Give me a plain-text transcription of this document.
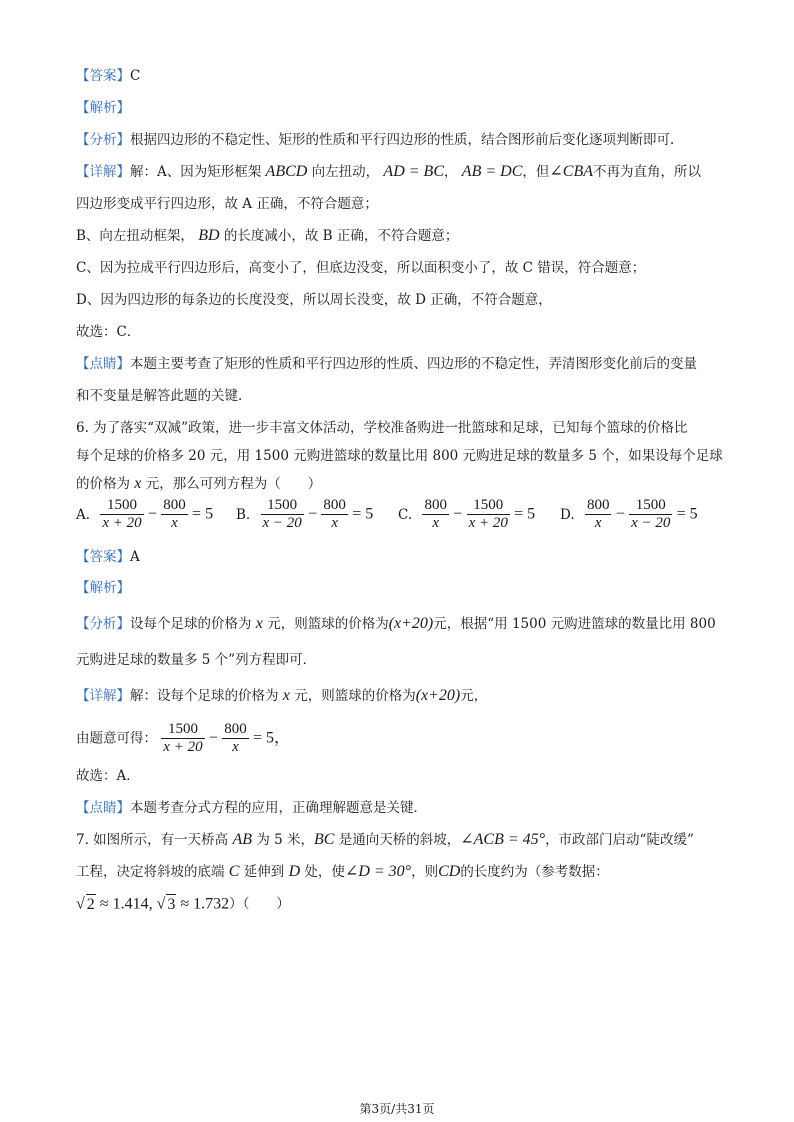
【答案】C
【解析】
【分析】根据四边形的不稳定性、矩形的性质和平行四边形的性质，结合图形前后变化逐项判断即可．
【详解】解：A、因为矩形框架 ABCD 向左扭动， AD = BC， AB = DC，但∠CBA不再为直角，所以
四边形变成平行四边形，故 A 正确，不符合题意；
B、向左扭动框架， BD 的长度减小，故 B 正确，不符合题意；
C、因为拉成平行四边形后，高变小了，但底边没变，所以面积变小了，故 C 错误，符合题意；
D、因为四边形的每条边的长度没变，所以周长没变，故 D 正确，不符合题意，
故选：C．
【点睛】本题主要考查了矩形的性质和平行四边形的性质、四边形的不稳定性，弄清图形变化前后的变量
和不变量是解答此题的关键．
6. 为了落实“双减”政策，进一步丰富文体活动，学校准备购进一批篮球和足球，已知每个篮球的价格比
每个足球的价格多 20 元，用 1500 元购进篮球的数量比用 800 元购进足球的数量多 5 个，如果设每个足球
的价格为 x 元，那么可列方程为（　　）
A. $\frac{1500}{x + 20} - \frac{800}{x} = 5$ B. $\frac{1500}{x - 20} - \frac{800}{x} = 5$ C. $\frac{800}{x} - \frac{1500}{x + 20} = 5$ D. $\frac{800}{x} - \frac{1500}{x - 20} = 5$
【答案】A
【解析】
【分析】设每个足球的价格为 x 元，则篮球的价格为(x+20)元，根据“用 1500 元购进篮球的数量比用 800
元购进足球的数量多 5 个”列方程即可．
【详解】解：设每个足球的价格为 x 元，则篮球的价格为(x+20)元，
由题意可得： $\frac{1500}{x + 20} - \frac{800}{x} = 5$，
故选：A．
【点睛】本题考查分式方程的应用，正确理解题意是关键．
7. 如图所示，有一天桥高 AB 为 5 米，BC 是通向天桥的斜坡，∠ACB = 45°，市政部门启动“陡改缓”
工程，决定将斜坡的底端 C 延伸到 D 处，使∠D = 30°，则CD的长度约为（参考数据：
√ 2 ≈ 1.414, √ 3 ≈ 1.732）（　　）
第3页/共31页
